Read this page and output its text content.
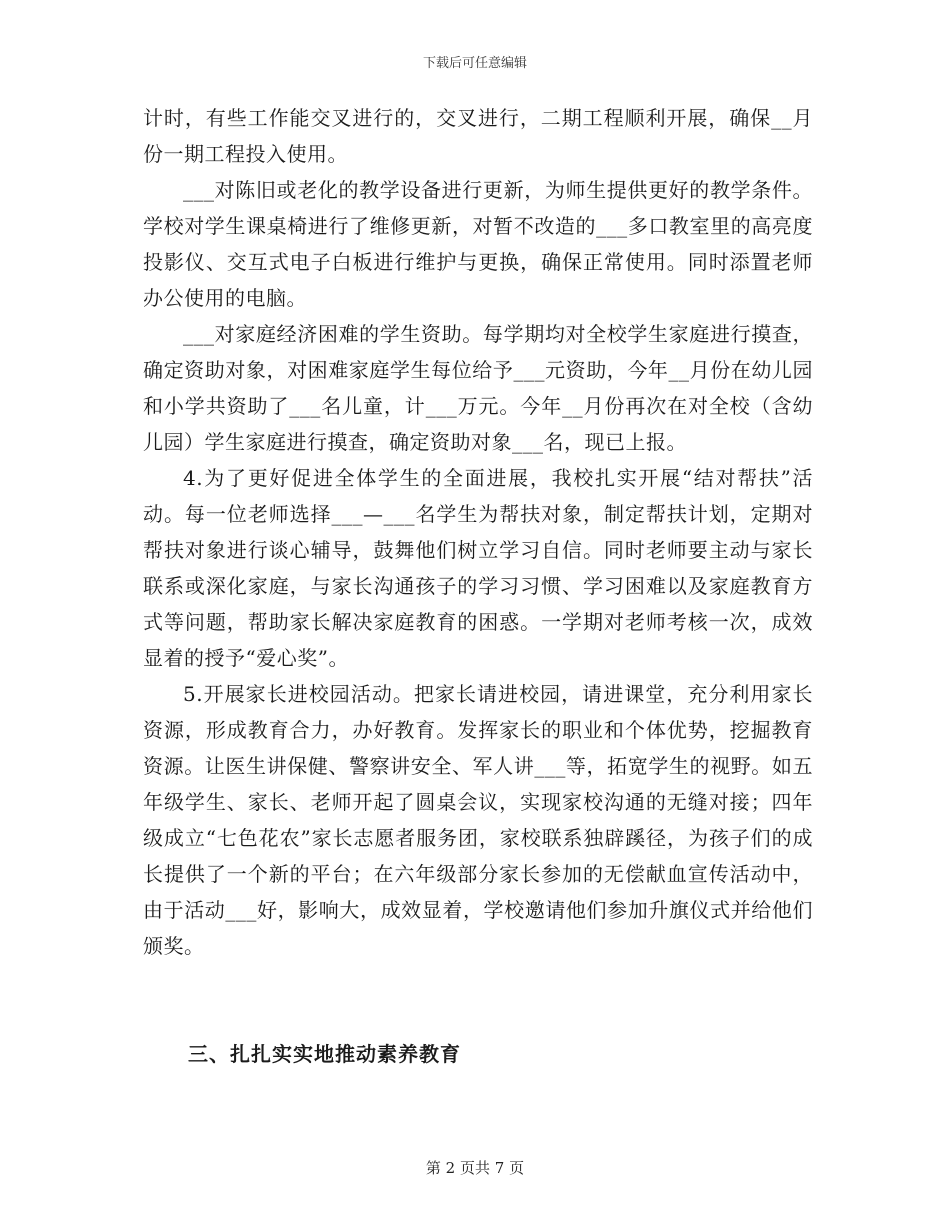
下载后可任意编辑

计时，有些工作能交叉进行的，交叉进行，二期工程顺利开展，确保__月份一期工程投入使用。

___对陈旧或老化的教学设备进行更新，为师生提供更好的教学条件。学校对学生课桌椅进行了维修更新，对暂不改造的___多口教室里的高亮度投影仪、交互式电子白板进行维护与更换，确保正常使用。同时添置老师办公使用的电脑。

___对家庭经济困难的学生资助。每学期均对全校学生家庭进行摸查，确定资助对象，对困难家庭学生每位给予___元资助，今年__月份在幼儿园和小学共资助了___名儿童，计___万元。今年__月份再次在对全校（含幼儿园）学生家庭进行摸查，确定资助对象___名，现已上报。

4.为了更好促进全体学生的全面进展，我校扎实开展“结对帮扶”活动。每一位老师选择___—___名学生为帮扶对象，制定帮扶计划，定期对帮扶对象进行谈心辅导，鼓舞他们树立学习自信。同时老师要主动与家长联系或深化家庭，与家长沟通孩子的学习习惯、学习困难以及家庭教育方式等问题，帮助家长解决家庭教育的困惑。一学期对老师考核一次，成效显着的授予“爱心奖”。

5.开展家长进校园活动。把家长请进校园，请进课堂，充分利用家长资源，形成教育合力，办好教育。发挥家长的职业和个体优势，挖掘教育资源。让医生讲保健、警察讲安全、军人讲___等，拓宽学生的视野。如五年级学生、家长、老师开起了圆桌会议，实现家校沟通的无缝对接；四年级成立“七色花农”家长志愿者服务团，家校联系独辟蹊径，为孩子们的成长提供了一个新的平台；在六年级部分家长参加的无偿献血宣传活动中，由于活动___好，影响大，成效显着，学校邀请他们参加升旗仪式并给他们颁奖。

三、扎扎实实地推动素养教育
第 2 页共 7 页
